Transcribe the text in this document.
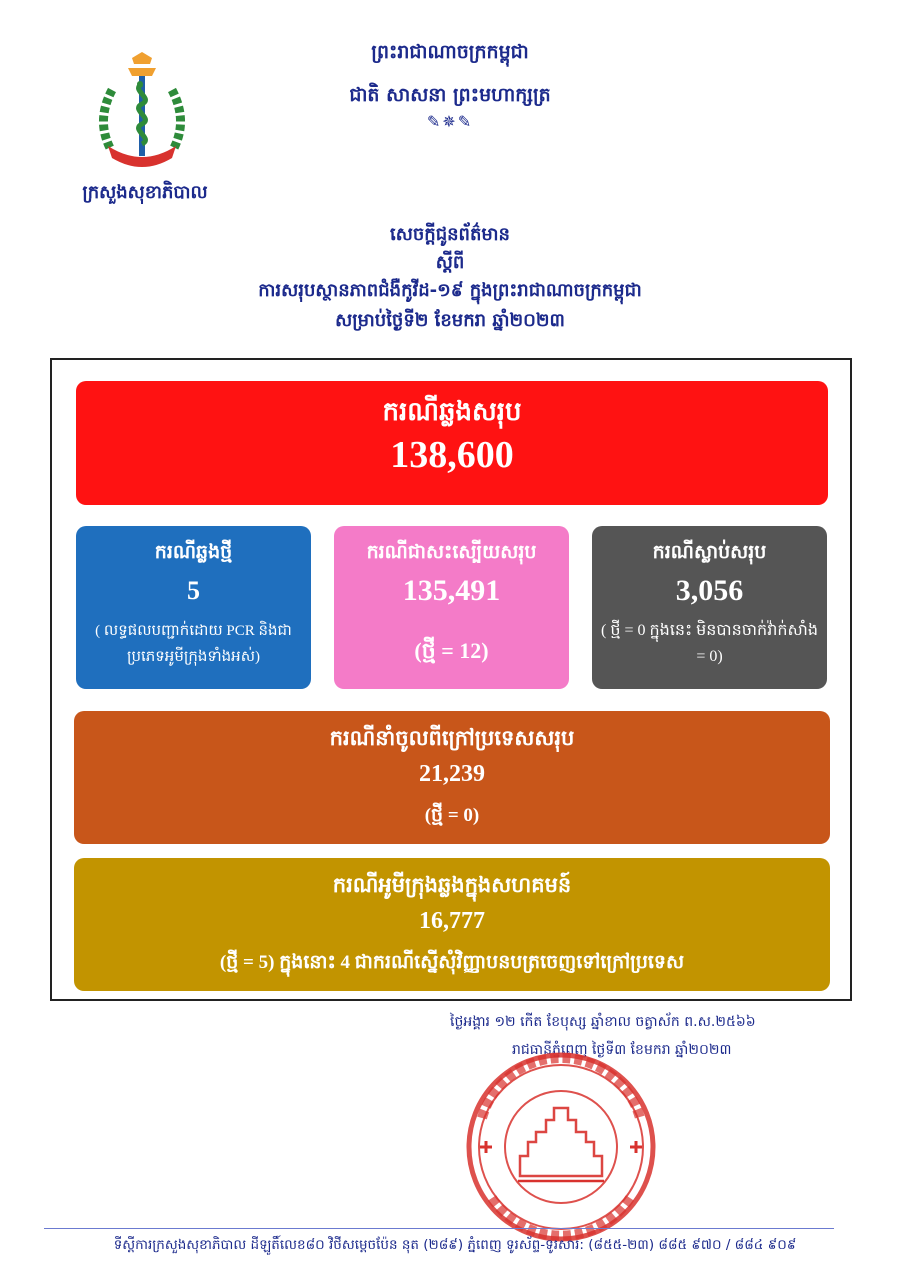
ក្រសួងសុខាភិបាល
ព្រះរាជាណាចក្រកម្ពុជា
ជាតិ សាសនា ព្រះមហាក្សត្រ
✎✵✎
សេចក្តីជូនព័ត៌មាន
ស្តីពី
ការសរុបស្ថានភាពជំងឺកូវីដ-១៩ ក្នុងព្រះរាជាណាចក្រកម្ពុជា
សម្រាប់ថ្ងៃទី២ ខែមករា ឆ្នាំ២០២៣
ករណីឆ្លងសរុប
138,600
ករណីឆ្លងថ្មី
5
( លទ្ធផលបញ្ជាក់ដោយ PCR និងជាប្រភេទអូមីក្រុងទាំងអស់)
ករណីជាសះស្បើយសរុប
135,491
(ថ្មី = 12)
ករណីស្លាប់សរុប
3,056
( ថ្មី = 0 ក្នុងនេះ មិនបានចាក់វ៉ាក់សាំង = 0)
ករណីនាំចូលពីក្រៅប្រទេសសរុប
21,239
(ថ្មី = 0)
ករណីអូមីក្រុងឆ្លងក្នុងសហគមន៍
16,777
(ថ្មី = 5) ក្នុងនោះ 4 ជាករណីស្នើសុំវិញ្ញាបនបត្រចេញទៅក្រៅប្រទេស
ថ្ងៃអង្គារ ១២ កើត ខែបុស្ស ឆ្នាំខាល ចត្វាស័ក ព.ស.២៥៦៦
រាជធានីភ្នំពេញ ថ្ងៃទី៣ ខែមករា ឆ្នាំ២០២៣
ទីស្តីការក្រសួងសុខាភិបាល ដីឡូតិ៍លេខ៨០ វិថីសម្តេចប៉ែន នុត (២៨៩) ភ្នំពេញ ទូរស័ព្ទ-ទូរសារ: (៨៥៥-២៣) ៨៨៥ ៩៧០ / ៨៨៤ ៩០៩
